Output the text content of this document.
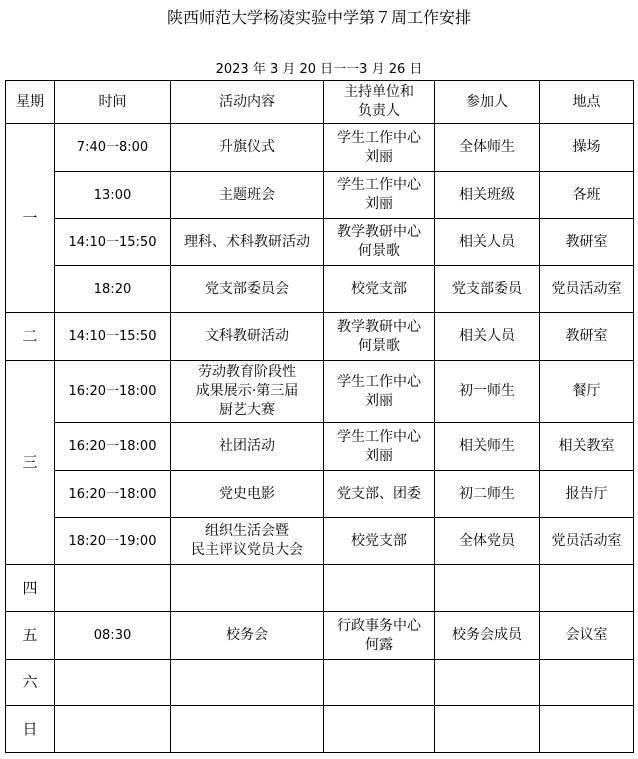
陕西师范大学杨凌实验中学第７周工作安排
2023 年 3 月 20 日一一3 月 26 日
星期	时间	活动内容	主持单位和
负责人	参加人	地点
一	7:40一8:00	升旗仪式	学生工作中心
刘丽	全体师生	操场
	13:00	主题班会	学生工作中心
刘丽	相关班级	各班
	14:10一15:50	理科、术科教研活动	教学教研中心
何景歌	相关人员	教研室
	18:20	党支部委员会	校党支部	党支部委员	党员活动室
二	14:10一15:50	文科教研活动	教学教研中心
何景歌	相关人员	教研室
三	16:20一18:00	劳动教育阶段性
成果展示·第三届
厨艺大赛	学生工作中心
刘丽	初一师生	餐厅
	16:20一18:00	社团活动	学生工作中心
刘丽	相关师生	相关教室
	16:20一18:00	党史电影	党支部、团委	初二师生	报告厅
	18:20一19:00	组织生活会暨
民主评议党员大会	校党支部	全体党员	党员活动室
四					
五	08:30	校务会	行政事务中心
何露	校务会成员	会议室
六					
日					
